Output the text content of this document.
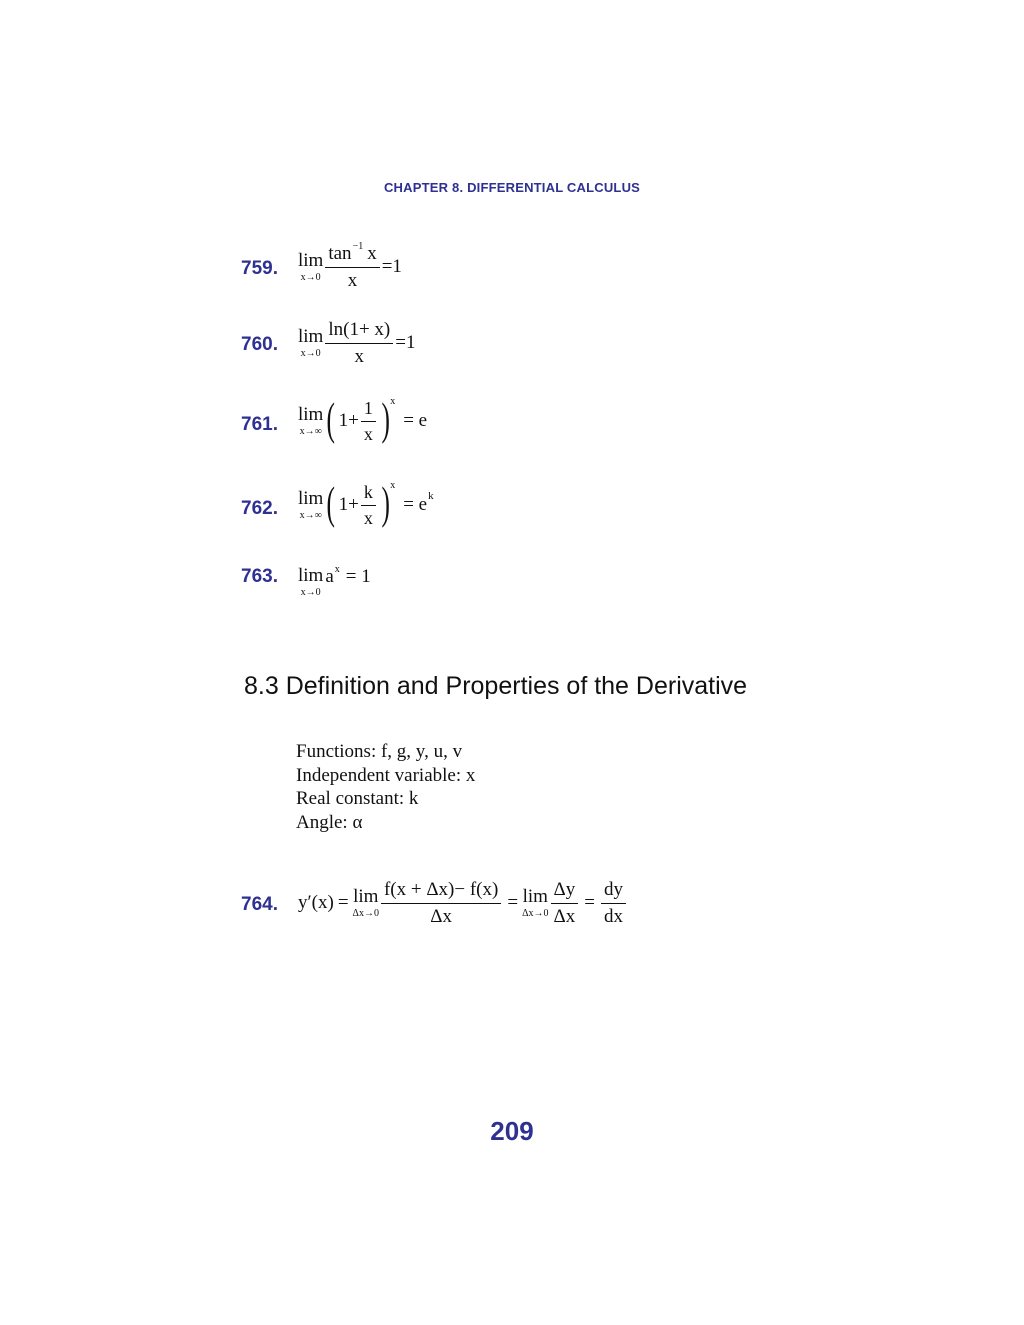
CHAPTER 8. DIFFERENTIAL CALCULUS
759. lim
$x\to 0 \frac{\tan^{-1} x}{x} =1$
760. lim
$x\to 0 \frac{\ln(1+ x)}{x} =1$
761. lim
x→∞ ( $1+ \frac{1}{x}$ ) x
= e
762. lim
x→∞ ( $1+ \frac{k}{x}$ ) x
= e k
763. lim
x→0
$a^x = 1$
8.3 Definition and Properties of the Derivative
Functions: f, g, y, u, v
Independent variable: x
Real constant: k
Angle: α
764. y′(x) = lim
$\Delta x\to 0 \frac{f(x + \Delta x)- f(x)}{\Delta x} = \lim$
$\Delta x\to 0 \frac{\Delta y}{\Delta x} = \frac{dy}{dx}$
209
